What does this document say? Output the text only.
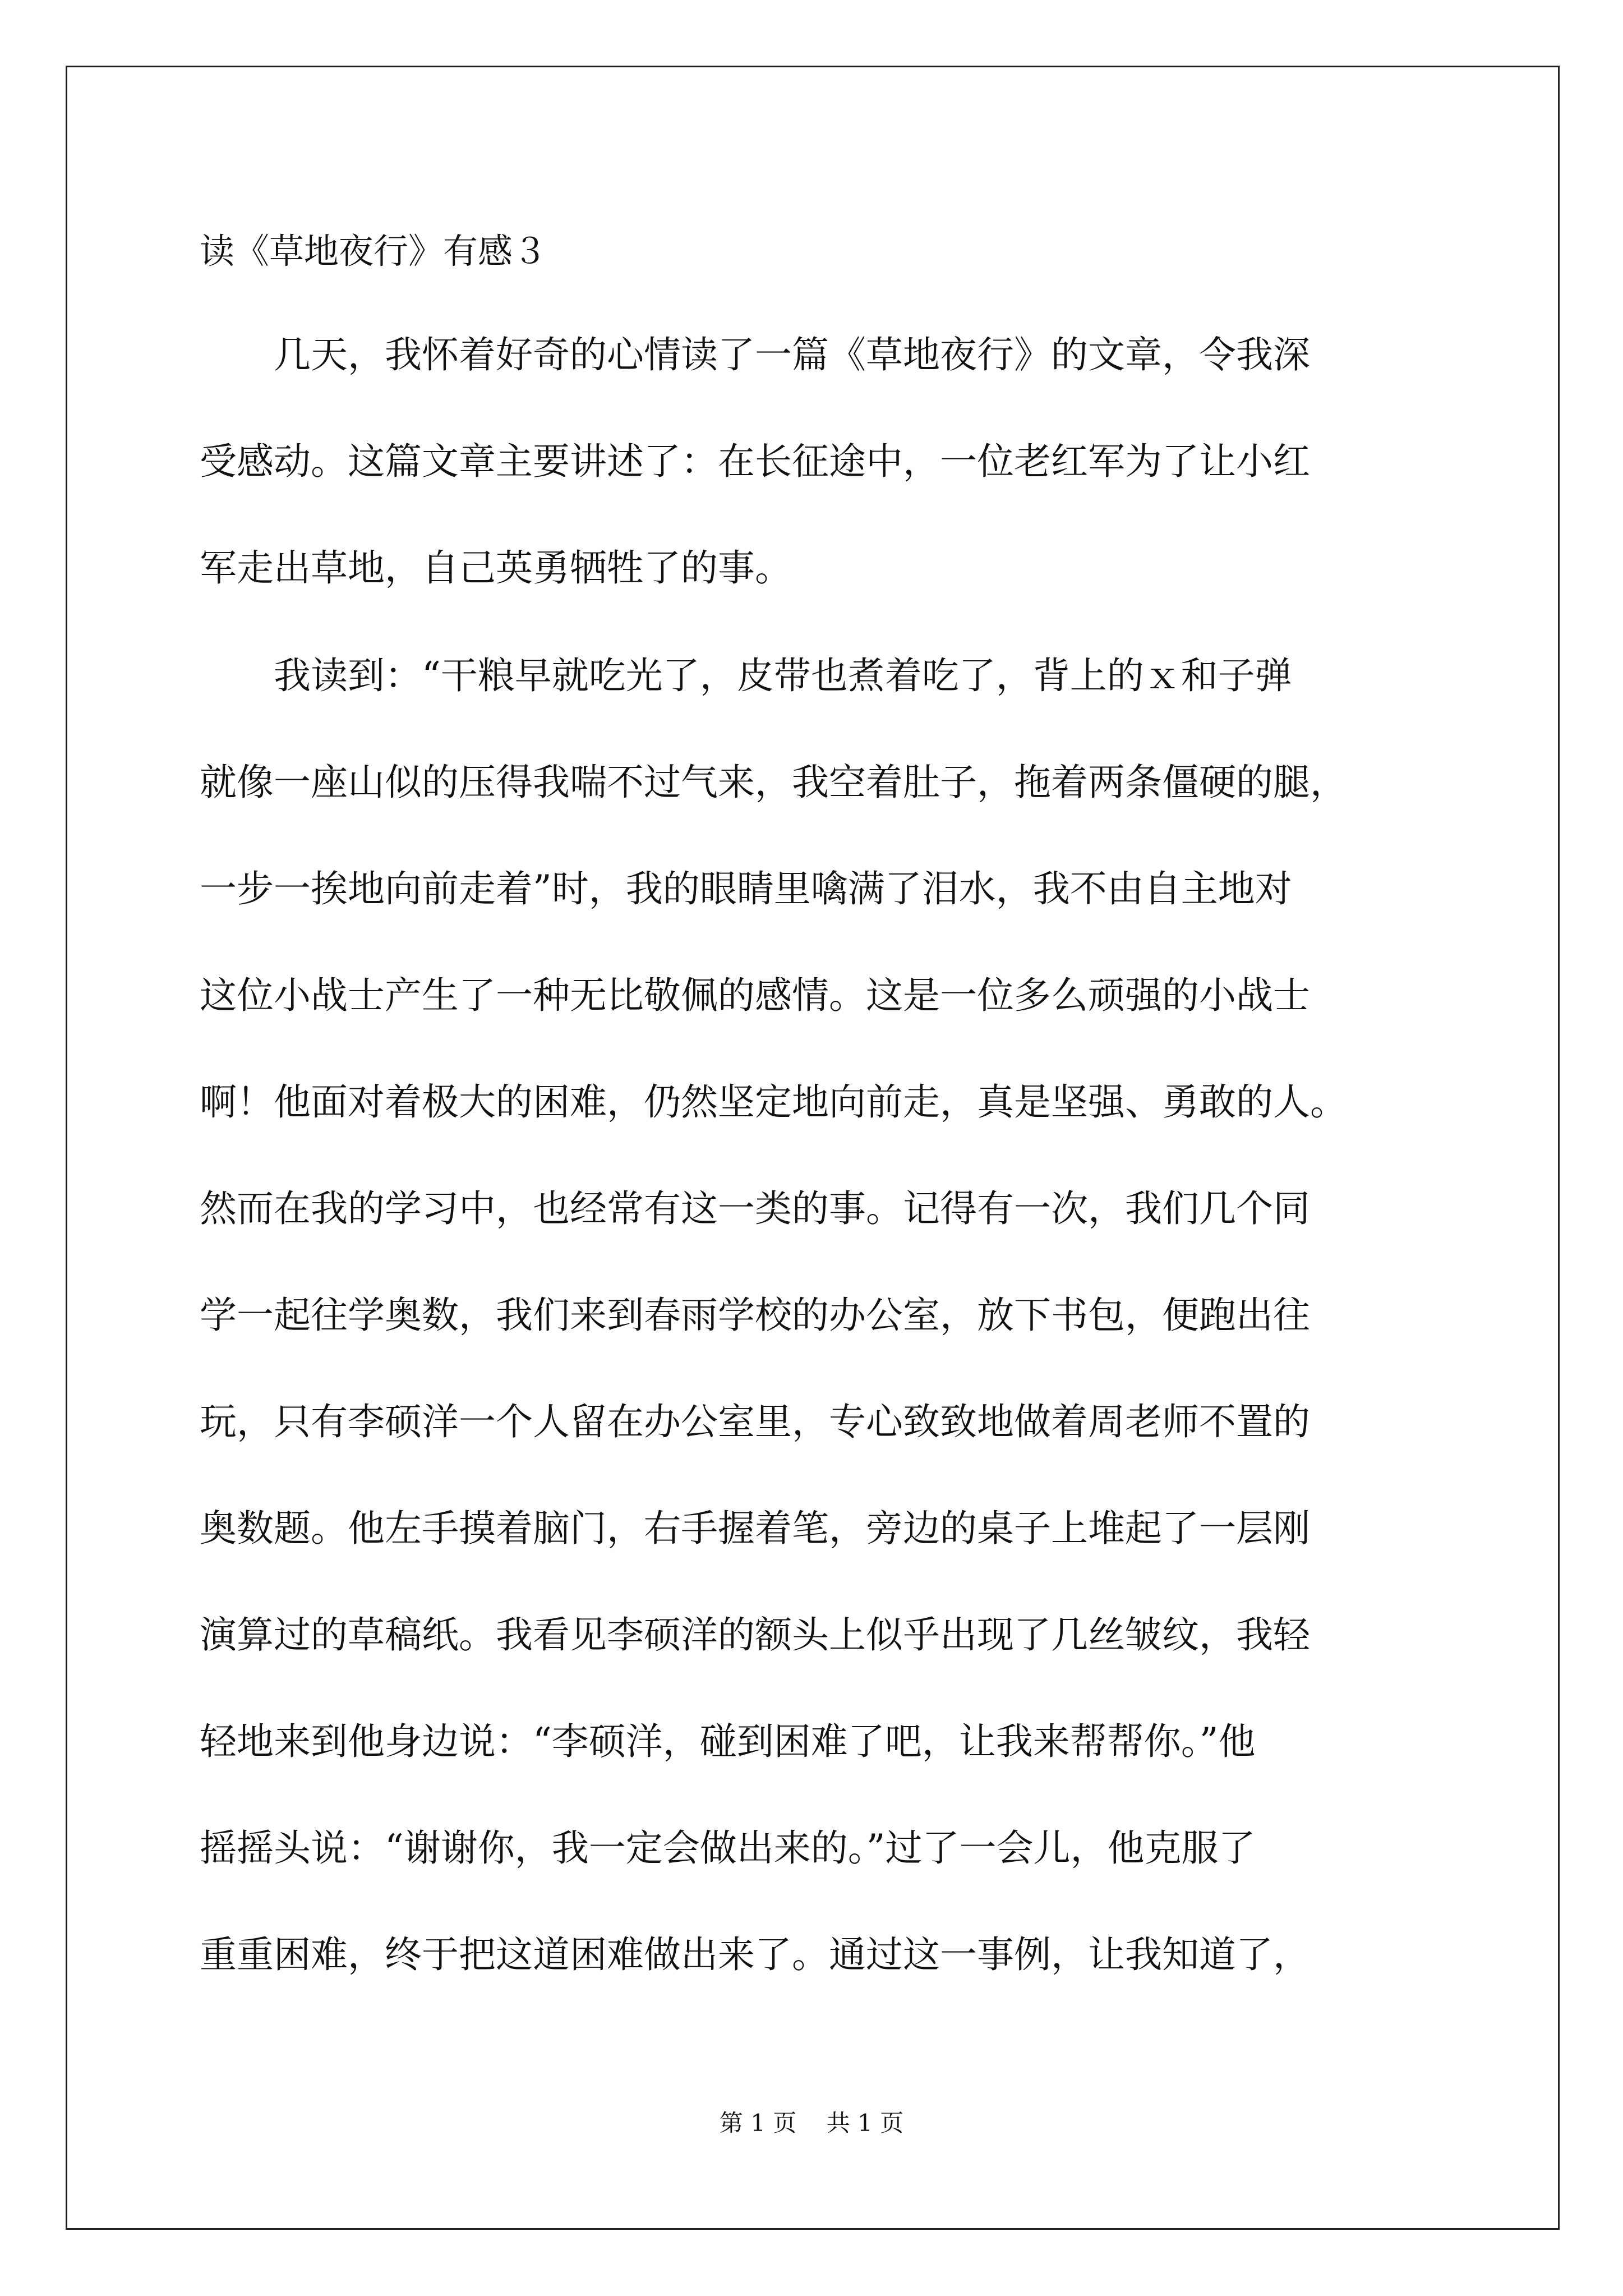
读《草地夜行》有感３
　　几天，我怀着好奇的心情读了一篇《草地夜行》的文章，令我深
受感动。这篇文章主要讲述了：在长征途中，一位老红军为了让小红
军走出草地，自己英勇牺牲了的事。
　　我读到：“干粮早就吃光了，皮带也煮着吃了，背上的ｘ和子弹
就像一座山似的压得我喘不过气来，我空着肚子，拖着两条僵硬的腿，
一步一挨地向前走着”时，我的眼睛里噙满了泪水，我不由自主地对
这位小战士产生了一种无比敬佩的感情。这是一位多么顽强的小战士
啊！他面对着极大的困难，仍然坚定地向前走，真是坚强、勇敢的人。
然而在我的学习中，也经常有这一类的事。记得有一次，我们几个同
学一起往学奥数，我们来到春雨学校的办公室，放下书包，便跑出往
玩，只有李硕洋一个人留在办公室里，专心致致地做着周老师不置的
奥数题。他左手摸着脑门，右手握着笔，旁边的桌子上堆起了一层刚
演算过的草稿纸。我看见李硕洋的额头上似乎出现了几丝皱纹，我轻
轻地来到他身边说：“李硕洋，碰到困难了吧，让我来帮帮你。”他
摇摇头说：“谢谢你，我一定会做出来的。”过了一会儿，他克服了
重重困难，终于把这道困难做出来了。通过这一事例，让我知道了，
第 1 页    共 1 页
